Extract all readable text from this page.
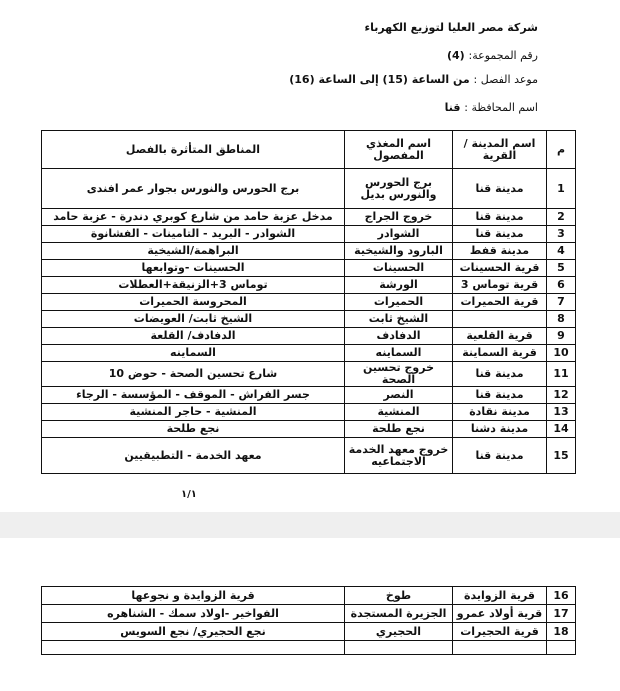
شركة مصر العليا لتوزيع الكهرباء
رقم المجموعة: (4)
موعد الفصل : من الساعة (15) إلى الساعة (16)
اسم المحافظة : قنا
م	اسم المدينة / القرية	اسم المغذي المفصول	المناطق المتأثرة بالفصل
1	مدينة قنا	برج الحورس والنورس بديل	برج الحورس والنورس بجوار عمر افندى
2	مدينة قنا	خروج الجراج	مدخل عزبة حامد من شارع كوبري دندرة - عزبة حامد
3	مدينة قنا	الشوادر	الشوادر - البريد - التامينات - الفشانوة
4	مدينة قفط	البارود والشيخية	البراهمة/الشيخية
5	قرية الحسينات	الحسينات	الحسينات -وتوابعها
6	قرية توماس 3	الورشة	توماس 3+الزنيقة+العطلات
7	قرية الحميرات	الحميرات	المحروسة الحميرات
8		الشيخ ثابت	الشيخ ثابت/ العويضات
9	قرية القلعية	الدفادف	الدفادف/ القلعة
10	قرية السماينة	السماينه	السماينه
11	مدينة قنا	خروج تحسين الصحة	شارع تحسين الصحة - حوض 10
12	مدينة قنا	النصر	جسر الفراش - الموقف - المؤسسة - الرجاء
13	مدينة نقادة	المنشية	المنشية - حاجر المنشية
14	مدينة دشنا	نجع طلحة	نجع طلحة
15	مدينة قنا	خروج معهد الخدمة الاجتماعيه	معهد الخدمة - التطبيقيين
١/١
16	قرية الزوايدة	طوخ	قرية الزوايدة و نجوعها
17	قرية أولاد عمرو	الجزيرة المستجدة	الفواخير -اولاد سمك - الشناهره
18	قرية الحجيرات	الحجيري	نجع الحجيري/ نجع السويس
